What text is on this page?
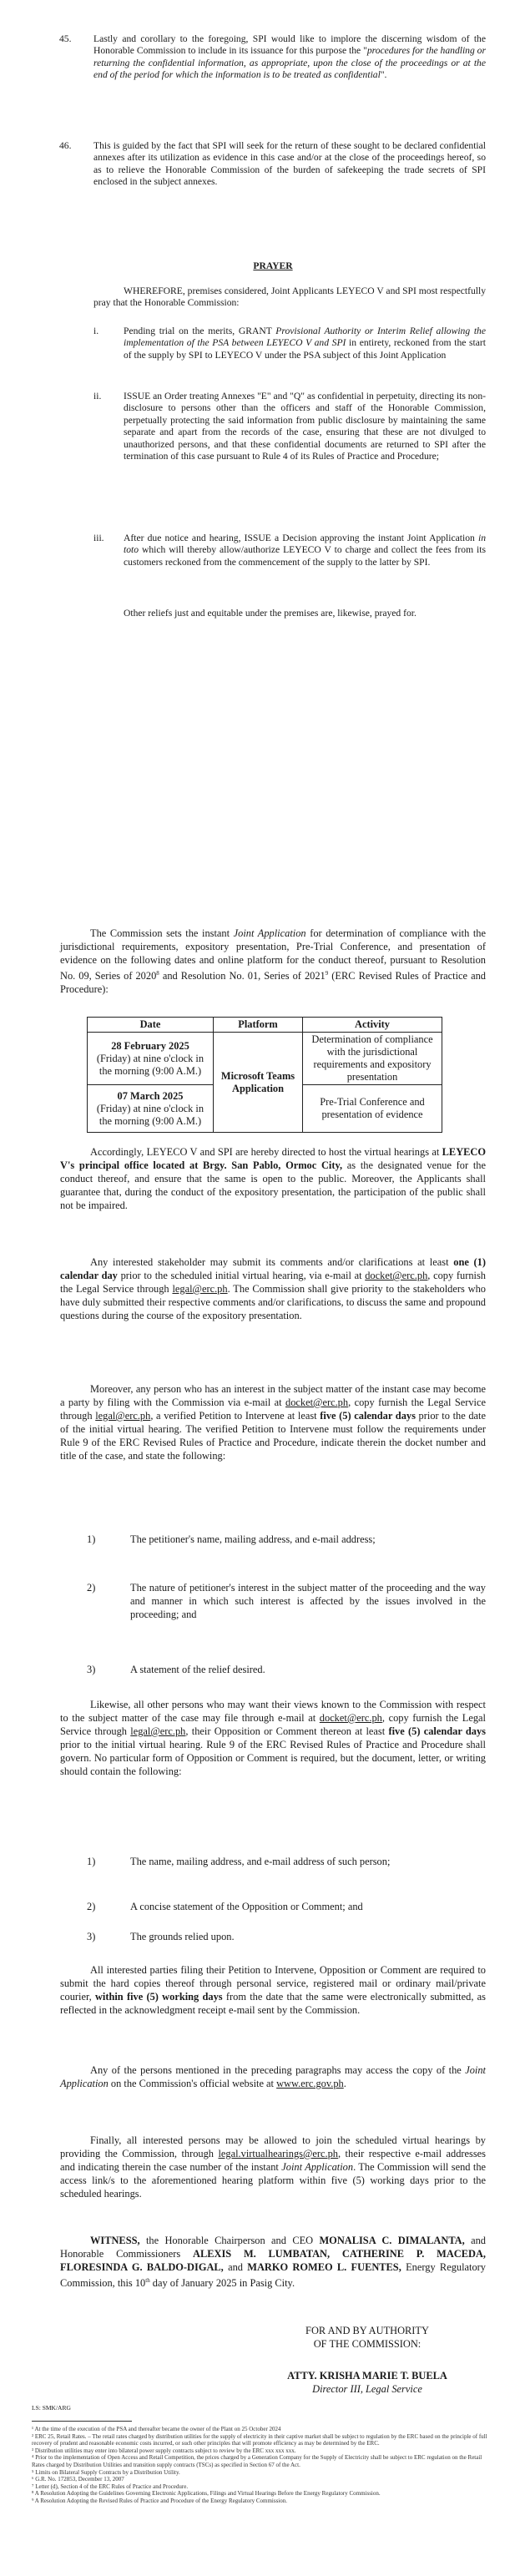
45.	Lastly and corollary to the foregoing, SPI would like to implore the discerning wisdom of the Honorable Commission to include in its issuance for this purpose the "procedures for the handling or returning the confidential information, as appropriate, upon the close of the proceedings or at the end of the period for which the information is to be treated as confidential".

46.	This is guided by the fact that SPI will seek for the return of these sought to be declared confidential annexes after its utilization as evidence in this case and/or at the close of the proceedings hereof, so as to relieve the Honorable Commission of the burden of safekeeping the trade secrets of SPI enclosed in the subject annexes.

PRAYER

WHEREFORE, premises considered, Joint Applicants LEYECO V and SPI most respectfully pray that the Honorable Commission:

i.	Pending trial on the merits, GRANT Provisional Authority or Interim Relief allowing the implementation of the PSA between LEYECO V and SPI in entirety, reckoned from the start of the supply by SPI to LEYECO V under the PSA subject of this Joint Application

ii.	ISSUE an Order treating Annexes "E" and "Q" as confidential in perpetuity, directing its non-disclosure to persons other than the officers and staff of the Honorable Commission, perpetually protecting the said information from public disclosure by maintaining the same separate and apart from the records of the case, ensuring that these are not divulged to unauthorized persons, and that these confidential documents are returned to SPI after the termination of this case pursuant to Rule 4 of its Rules of Practice and Procedure;

iii.	After due notice and hearing, ISSUE a Decision approving the instant Joint Application in toto which will thereby allow/authorize LEYECO V to charge and collect the fees from its customers reckoned from the commencement of the supply to the latter by SPI.

Other reliefs just and equitable under the premises are, likewise, prayed for.

The Commission sets the instant Joint Application for determination of compliance with the jurisdictional requirements, expository presentation, Pre-Trial Conference, and presentation of evidence on the following dates and online platform for the conduct thereof, pursuant to Resolution No. 09, Series of 2020$^8$ and Resolution No. 01, Series of 2021$^9$ (ERC Revised Rules of Practice and Procedure):

Date	Platform	Activity

28 February 2025
(Friday) at nine o'clock in the morning (9:00 A.M.)	Microsoft Teams Application	Determination of compliance with the jurisdictional requirements and expository presentation

07 March 2025
(Friday) at nine o'clock in the morning (9:00 A.M.)		Pre-Trial Conference and presentation of evidence

Accordingly, LEYECO V and SPI are hereby directed to host the virtual hearings at LEYECO V's principal office located at Brgy. San Pablo, Ormoc City, as the designated venue for the conduct thereof, and ensure that the same is open to the public. Moreover, the Applicants shall guarantee that, during the conduct of the expository presentation, the participation of the public shall not be impaired.

Any interested stakeholder may submit its comments and/or clarifications at least one (1) calendar day prior to the scheduled initial virtual hearing, via e-mail at docket@erc.ph, copy furnish the Legal Service through legal@erc.ph. The Commission shall give priority to the stakeholders who have duly submitted their respective comments and/or clarifications, to discuss the same and propound questions during the course of the expository presentation.

Moreover, any person who has an interest in the subject matter of the instant case may become a party by filing with the Commission via e-mail at docket@erc.ph, copy furnish the Legal Service through legal@erc.ph, a verified Petition to Intervene at least five (5) calendar days prior to the date of the initial virtual hearing. The verified Petition to Intervene must follow the requirements under Rule 9 of the ERC Revised Rules of Practice and Procedure, indicate therein the docket number and title of the case, and state the following:

1)	The petitioner's name, mailing address, and e-mail address;

2)	The nature of petitioner's interest in the subject matter of the proceeding and the way and manner in which such interest is affected by the issues involved in the proceeding; and

3)	A statement of the relief desired.

Likewise, all other persons who may want their views known to the Commission with respect to the subject matter of the case may file through e-mail at docket@erc.ph, copy furnish the Legal Service through legal@erc.ph, their Opposition or Comment thereon at least five (5) calendar days prior to the initial virtual hearing. Rule 9 of the ERC Revised Rules of Practice and Procedure shall govern. No particular form of Opposition or Comment is required, but the document, letter, or writing should contain the following:

1)	The name, mailing address, and e-mail address of such person;

2)	A concise statement of the Opposition or Comment; and

3)	The grounds relied upon.

All interested parties filing their Petition to Intervene, Opposition or Comment are required to submit the hard copies thereof through personal service, registered mail or ordinary mail/private courier, within five (5) working days from the date that the same were electronically submitted, as reflected in the acknowledgment receipt e-mail sent by the Commission.

Any of the persons mentioned in the preceding paragraphs may access the copy of the Joint Application on the Commission's official website at www.erc.gov.ph.

Finally, all interested persons may be allowed to join the scheduled virtual hearings by providing the Commission, through legal.virtualhearings@erc.ph, their respective e-mail addresses and indicating therein the case number of the instant Joint Application. The Commission will send the access link/s to the aforementioned hearing platform within five (5) working days prior to the scheduled hearings.

WITNESS, the Honorable Chairperson and CEO MONALISA C. DIMALANTA, and Honorable Commissioners ALEXIS M. LUMBATAN, CATHERINE P. MACEDA, FLORESINDA G. BALDO-DIGAL, and MARKO ROMEO L. FUENTES, Energy Regulatory Commission, this 10th day of January 2025 in Pasig City.

FOR AND BY AUTHORITY
OF THE COMMISSION:
ATTY. KRISHA MARIE T. BUELA
Director III, Legal Service
LS: SMK/ARG

¹ At the time of the execution of the PSA and thereafter became the owner of the Plant on 25 October 2024

² ERC 25, Retail Rates. – The retail rates charged by distribution utilities for the supply of electricity in their captive market shall be subject to regulation by the ERC based on the principle of full recovery of prudent and reasonable economic costs incurred, or such other principles that will promote efficiency as may be determined by the ERC.

³ Distribution utilities may enter into bilateral power supply contracts subject to review by the ERC xxx xxx xxx.

⁴ Prior to the implementation of Open Access and Retail Competition, the prices charged by a Generation Company for the Supply of Electricity shall be subject to ERC regulation on the Retail Rates charged by Distribution Utilities and transition supply contracts (TSCs) as specified in Section 67 of the Act.

⁵ Limits on Bilateral Supply Contracts by a Distribution Utility.

⁶ G.R. No. 172853, December 13, 2007

⁷ Letter (d), Section 4 of the ERC Rules of Practice and Procedure.

⁸ A Resolution Adopting the Guidelines Governing Electronic Applications, Filings and Virtual Hearings Before the Energy Regulatory Commission.

⁹ A Resolution Adopting the Revised Rules of Practice and Procedure of the Energy Regulatory Commission.
